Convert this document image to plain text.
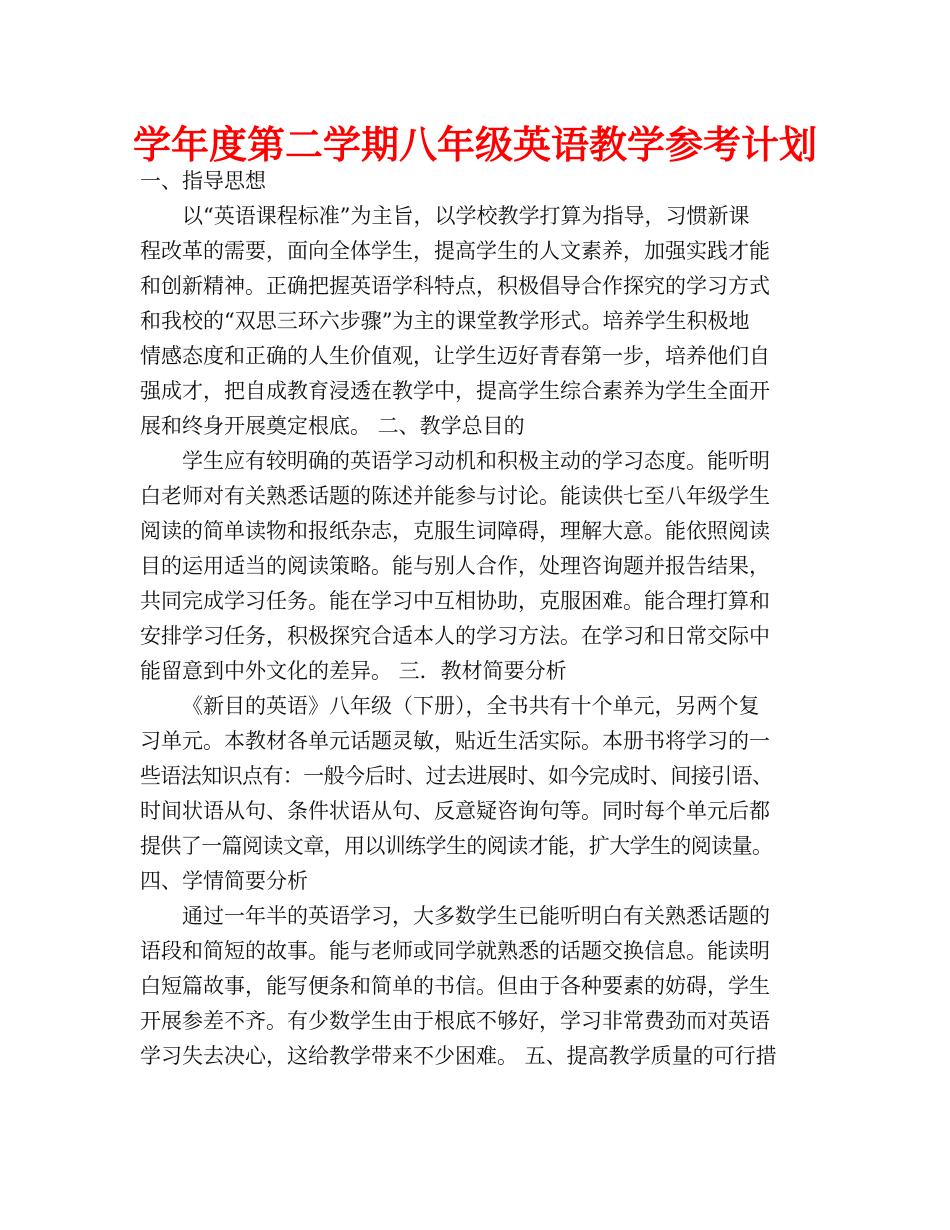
学年度第二学期八年级英语教学参考计划
一、指导思想
以“英语课程标准”为主旨，以学校教学打算为指导，习惯新课
程改革的需要，面向全体学生，提高学生的人文素养，加强实践才能
和创新精神。正确把握英语学科特点，积极倡导合作探究的学习方式
和我校的“双思三环六步骤”为主的课堂教学形式。培养学生积极地
情感态度和正确的人生价值观，让学生迈好青春第一步，培养他们自
强成才，把自成教育浸透在教学中，提高学生综合素养为学生全面开
展和终身开展奠定根底。 二、教学总目的
学生应有较明确的英语学习动机和积极主动的学习态度。能听明
白老师对有关熟悉话题的陈述并能参与讨论。能读供七至八年级学生
阅读的简单读物和报纸杂志，克服生词障碍，理解大意。能依照阅读
目的运用适当的阅读策略。能与别人合作，处理咨询题并报告结果，
共同完成学习任务。能在学习中互相协助，克服困难。能合理打算和
安排学习任务，积极探究合适本人的学习方法。在学习和日常交际中
能留意到中外文化的差异。 三．教材简要分析
《新目的英语》八年级（下册），全书共有十个单元，另两个复
习单元。本教材各单元话题灵敏，贴近生活实际。本册书将学习的一
些语法知识点有：一般今后时、过去进展时、如今完成时、间接引语、
时间状语从句、条件状语从句、反意疑咨询句等。同时每个单元后都
提供了一篇阅读文章，用以训练学生的阅读才能，扩大学生的阅读量。
四、学情简要分析
通过一年半的英语学习，大多数学生已能听明白有关熟悉话题的
语段和简短的故事。能与老师或同学就熟悉的话题交换信息。能读明
白短篇故事，能写便条和简单的书信。但由于各种要素的妨碍，学生
开展参差不齐。有少数学生由于根底不够好，学习非常费劲而对英语
学习失去决心，这给教学带来不少困难。 五、提高教学质量的可行措
